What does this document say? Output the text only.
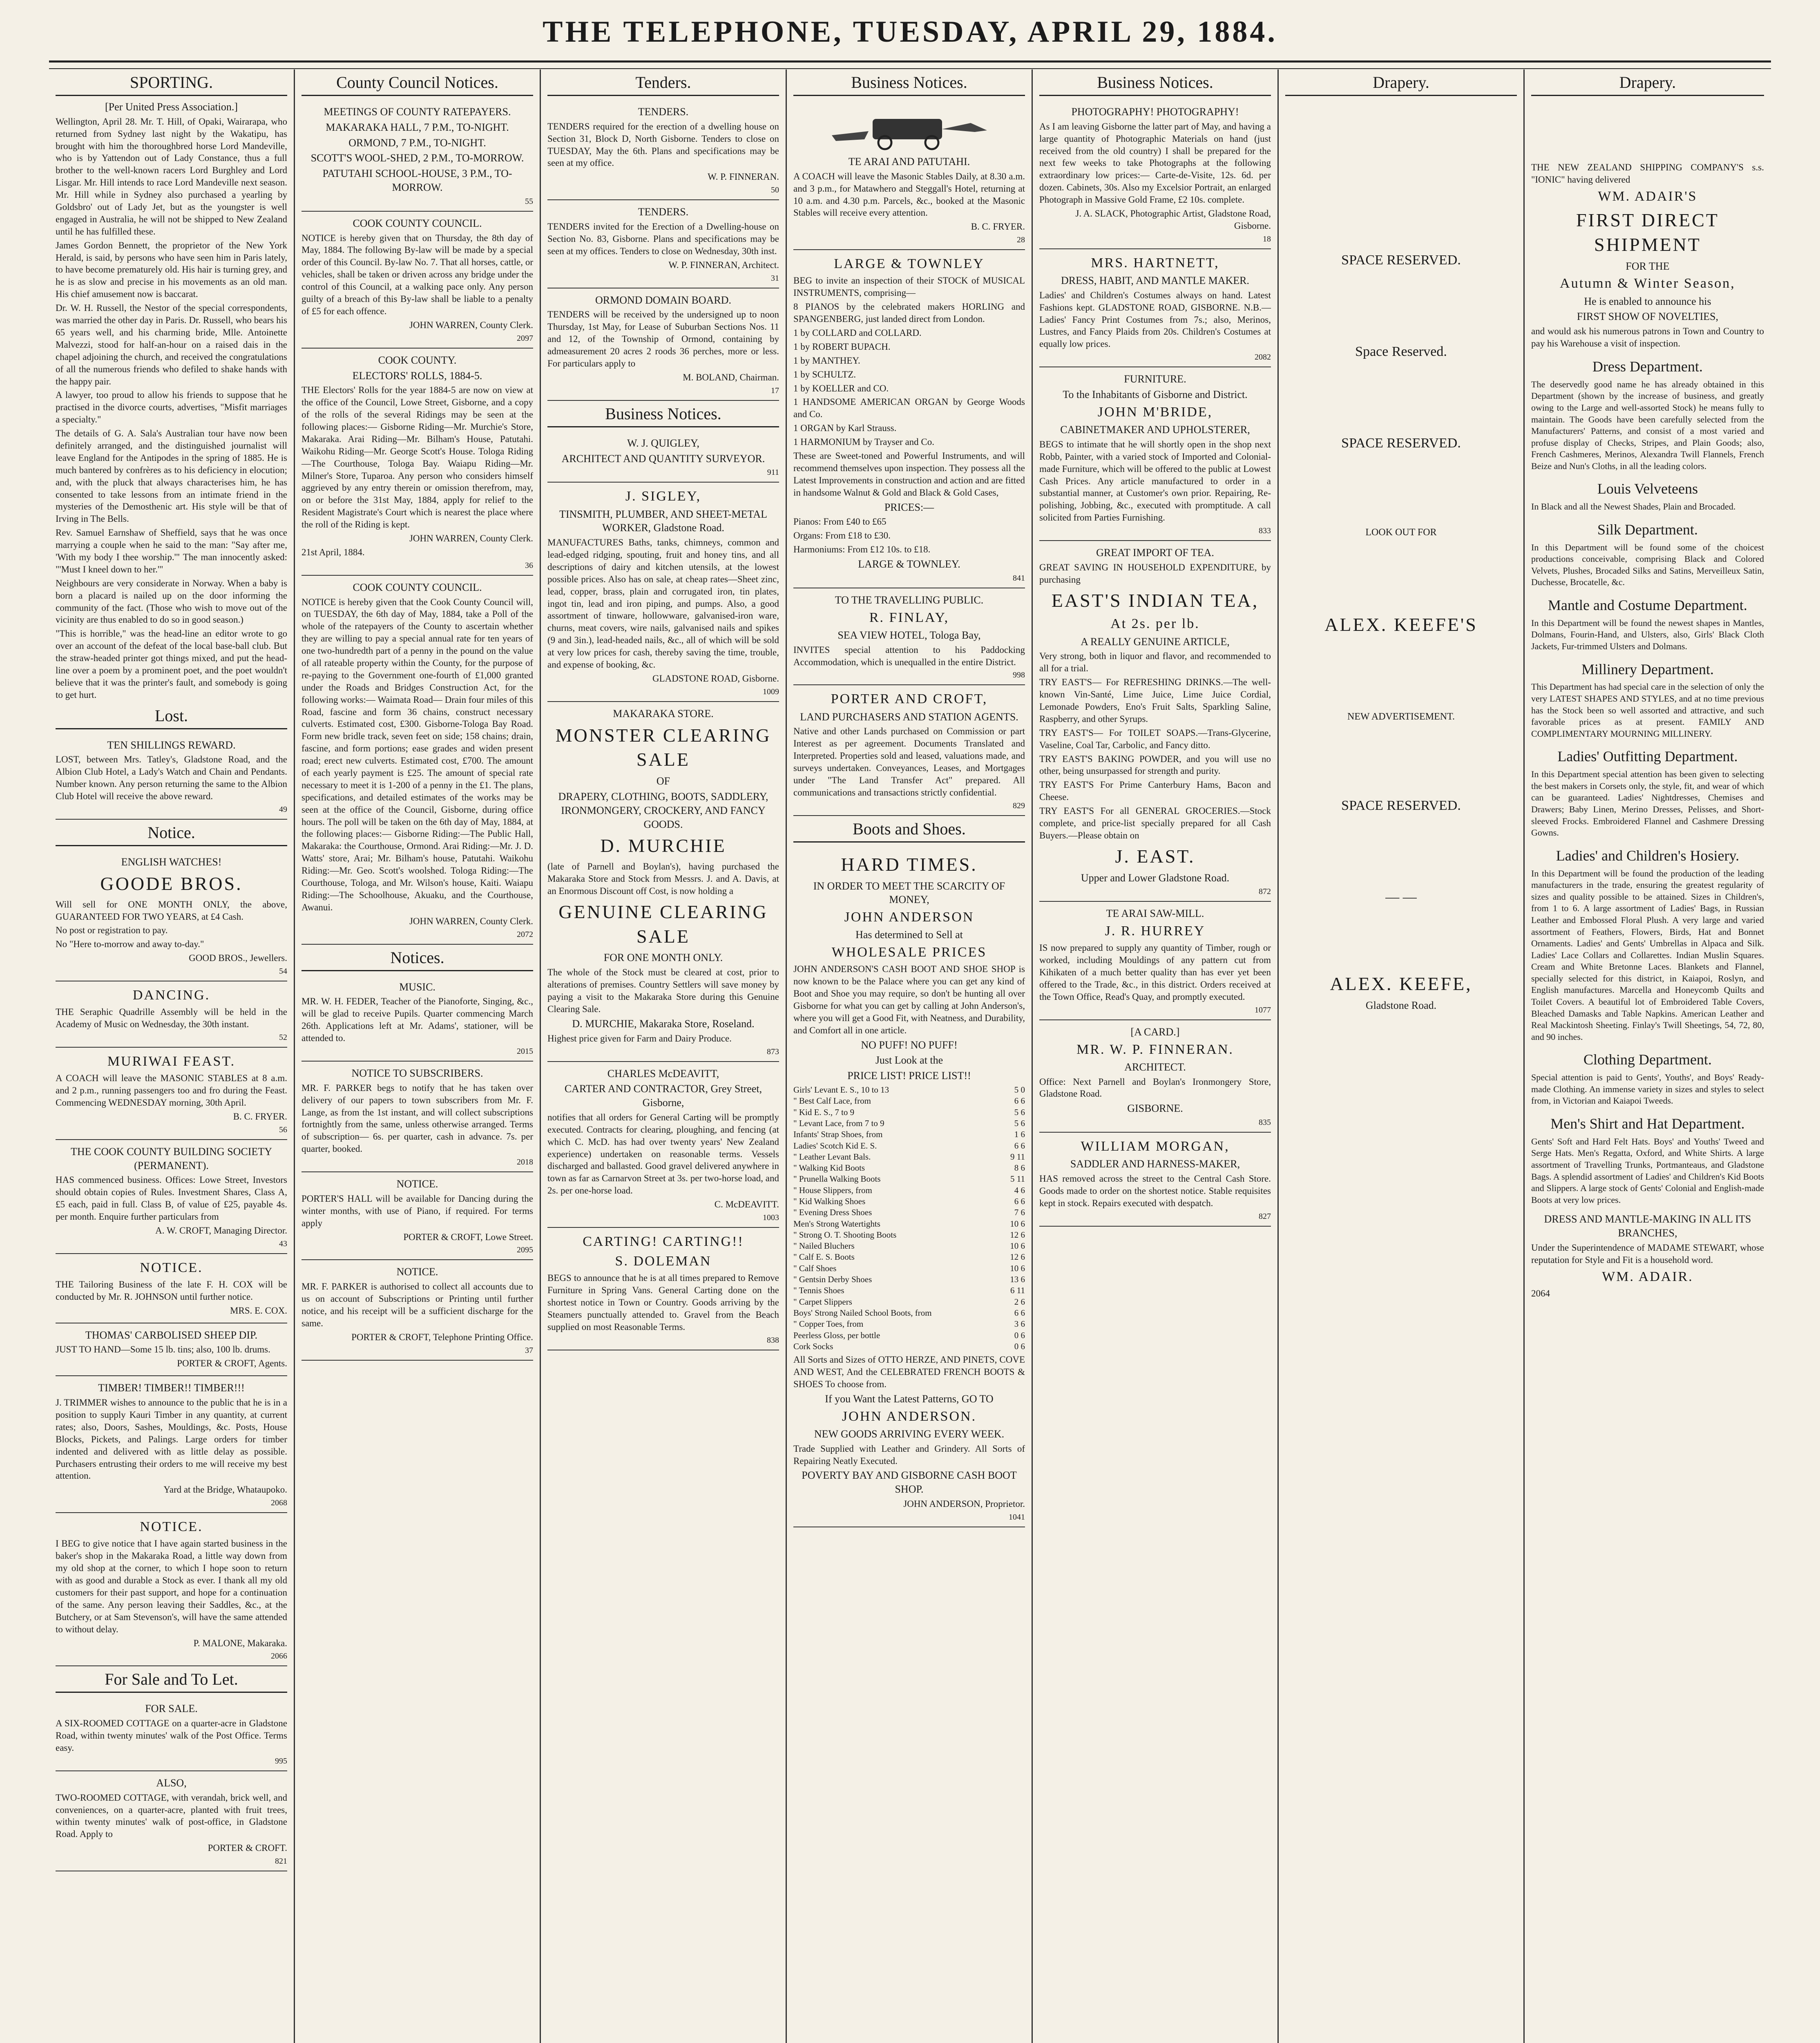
THE TELEPHONE, TUESDAY, APRIL 29, 1884.
SPORTING.
[Per United Press Association.]

Wellington, April 28. Mr. T. Hill, of Opaki, Wairarapa, who returned from Sydney last night by the Wakatipu, has brought with him the thoroughbred horse Lord Mandeville, who is by Yattendon out of Lady Constance, thus a full brother to the well-known racers Lord Burghley and Lord Lisgar. Mr. Hill intends to race Lord Mandeville next season. Mr. Hill while in Sydney also purchased a yearling by Goldsbro' out of Lady Jet, but as the youngster is well engaged in Australia, he will not be shipped to New Zealand until he has fulfilled these.

James Gordon Bennett, the proprietor of the New York Herald, is said, by persons who have seen him in Paris lately, to have become prematurely old. His hair is turning grey, and he is as slow and precise in his movements as an old man. His chief amusement now is baccarat.

Dr. W. H. Russell, the Nestor of the special correspondents, was married the other day in Paris. Dr. Russell, who bears his 65 years well, and his charming bride, Mlle. Antoinette Malvezzi, stood for half-an-hour on a raised dais in the chapel adjoining the church, and received the congratulations of all the numerous friends who defiled to shake hands with the happy pair.

A lawyer, too proud to allow his friends to suppose that he practised in the divorce courts, advertises, "Misfit marriages a specialty."

The details of G. A. Sala's Australian tour have now been definitely arranged, and the distinguished journalist will leave England for the Antipodes in the spring of 1885. He is much bantered by confrères as to his deficiency in elocution; and, with the pluck that always characterises him, he has consented to take lessons from an intimate friend in the mysteries of the Demosthenic art. His style will be that of Irving in The Bells.

Rev. Samuel Earnshaw of Sheffield, says that he was once marrying a couple when he said to the man: "Say after me, 'With my body I thee worship.'" The man innocently asked: "'Must I kneel down to her.'"

Neighbours are very considerate in Norway. When a baby is born a placard is nailed up on the door informing the community of the fact. (Those who wish to move out of the vicinity are thus enabled to do so in good season.)

"This is horrible," was the head-line an editor wrote to go over an account of the defeat of the local base-ball club. But the straw-headed printer got things mixed, and put the head-line over a poem by a prominent poet, and the poet wouldn't believe that it was the printer's fault, and somebody is going to get hurt.

Lost.
TEN SHILLINGS REWARD.
LOST, between Mrs. Tatley's, Gladstone Road, and the Albion Club Hotel, a Lady's Watch and Chain and Pendants. Number known. Any person returning the same to the Albion Club Hotel will receive the above reward.
49
Notice.
ENGLISH WATCHES!
GOODE BROS.
Will sell for ONE MONTH ONLY, the above, GUARANTEED FOR TWO YEARS, at £4 Cash.
No post or registration to pay.
No "Here to-morrow and away to-day."
GOOD BROS., Jewellers.
54
DANCING.
THE Seraphic Quadrille Assembly will be held in the Academy of Music on Wednesday, the 30th instant.
52
MURIWAI FEAST.
A COACH will leave the MASONIC STABLES at 8 a.m. and 2 p.m., running passengers too and fro during the Feast. Commencing WEDNESDAY morning, 30th April.
B. C. FRYER.
56
THE COOK COUNTY BUILDING SOCIETY (PERMANENT).
HAS commenced business. Offices: Lowe Street, Investors should obtain copies of Rules. Investment Shares, Class A, £5 each, paid in full. Class B, of value of £25, payable 4s. per month. Enquire further particulars from
A. W. CROFT, Managing Director.
43
NOTICE.
THE Tailoring Business of the late F. H. COX will be conducted by Mr. R. JOHNSON until further notice.
MRS. E. COX.
THOMAS' CARBOLISED SHEEP DIP.
JUST TO HAND—Some 15 lb. tins; also, 100 lb. drums.
PORTER & CROFT, Agents.
TIMBER! TIMBER!! TIMBER!!!
J. TRIMMER wishes to announce to the public that he is in a position to supply Kauri Timber in any quantity, at current rates; also, Doors, Sashes, Mouldings, &c. Posts, House Blocks, Pickets, and Palings. Large orders for timber indented and delivered with as little delay as possible. Purchasers entrusting their orders to me will receive my best attention.
Yard at the Bridge, Whataupoko.
2068
NOTICE.
I BEG to give notice that I have again started business in the baker's shop in the Makaraka Road, a little way down from my old shop at the corner, to which I hope soon to return with as good and durable a Stock as ever. I thank all my old customers for their past support, and hope for a continuation of the same. Any person leaving their Saddles, &c., at the Butchery, or at Sam Stevenson's, will have the same attended to without delay.
P. MALONE, Makaraka.
2066
For Sale and To Let.
FOR SALE.
A SIX-ROOMED COTTAGE on a quarter-acre in Gladstone Road, within twenty minutes' walk of the Post Office. Terms easy.
995
ALSO,
TWO-ROOMED COTTAGE, with verandah, brick well, and conveniences, on a quarter-acre, planted with fruit trees, within twenty minutes' walk of post-office, in Gladstone Road. Apply to
PORTER & CROFT.
821
County Council Notices.
MEETINGS OF COUNTY RATEPAYERS.

MAKARAKA HALL, 7 P.M., TO-NIGHT.

ORMOND, 7 P.M., TO-NIGHT.

SCOTT'S WOOL-SHED, 2 P.M., TO-MORROW.

PATUTAHI SCHOOL-HOUSE, 3 P.M., TO-MORROW.

55
COOK COUNTY COUNCIL.
NOTICE is hereby given that on Thursday, the 8th day of May, 1884. The following By-law will be made by a special order of this Council. By-law No. 7. That all horses, cattle, or vehicles, shall be taken or driven across any bridge under the control of this Council, at a walking pace only. Any person guilty of a breach of this By-law shall be liable to a penalty of £5 for each offence.
JOHN WARREN, County Clerk.
2097
COOK COUNTY.
ELECTORS' ROLLS, 1884-5.
THE Electors' Rolls for the year 1884-5 are now on view at the office of the Council, Lowe Street, Gisborne, and a copy of the rolls of the several Ridings may be seen at the following places:— Gisborne Riding—Mr. Murchie's Store, Makaraka. Arai Riding—Mr. Bilham's House, Patutahi. Waikohu Riding—Mr. George Scott's House. Tologa Riding—The Courthouse, Tologa Bay. Waiapu Riding—Mr. Milner's Store, Tuparoa. Any person who considers himself aggrieved by any entry therein or omission therefrom, may, on or before the 31st May, 1884, apply for relief to the Resident Magistrate's Court which is nearest the place where the roll of the Riding is kept.
JOHN WARREN, County Clerk.
21st April, 1884.
36
COOK COUNTY COUNCIL.
NOTICE is hereby given that the Cook County Council will, on TUESDAY, the 6th day of May, 1884, take a Poll of the whole of the ratepayers of the County to ascertain whether they are willing to pay a special annual rate for ten years of one two-hundredth part of a penny in the pound on the value of all rateable property within the County, for the purpose of re-paying to the Government one-fourth of £1,000 granted under the Roads and Bridges Construction Act, for the following works:— Waimata Road— Drain four miles of this Road, fascine and form 36 chains, construct necessary culverts. Estimated cost, £300. Gisborne-Tologa Bay Road. Form new bridle track, seven feet on side; 158 chains; drain, fascine, and form portions; ease grades and widen present road; erect new culverts. Estimated cost, £700. The amount of each yearly payment is £25. The amount of special rate necessary to meet it is 1-200 of a penny in the £1. The plans, specifications, and detailed estimates of the works may be seen at the office of the Council, Gisborne, during office hours. The poll will be taken on the 6th day of May, 1884, at the following places:— Gisborne Riding:—The Public Hall, Makaraka: the Courthouse, Ormond. Arai Riding:—Mr. J. D. Watts' store, Arai; Mr. Bilham's house, Patutahi. Waikohu Riding:—Mr. Geo. Scott's woolshed. Tologa Riding:—The Courthouse, Tologa, and Mr. Wilson's house, Kaiti. Waiapu Riding:—The Schoolhouse, Akuaku, and the Courthouse, Awanui.
JOHN WARREN, County Clerk.
2072
Notices.
MUSIC.
MR. W. H. FEDER, Teacher of the Pianoforte, Singing, &c., will be glad to receive Pupils. Quarter commencing March 26th. Applications left at Mr. Adams', stationer, will be attended to.
2015
NOTICE TO SUBSCRIBERS.
MR. F. PARKER begs to notify that he has taken over delivery of our papers to town subscribers from Mr. F. Lange, as from the 1st instant, and will collect subscriptions fortnightly from the same, unless otherwise arranged. Terms of subscription— 6s. per quarter, cash in advance. 7s. per quarter, booked.
2018
NOTICE.
PORTER'S HALL will be available for Dancing during the winter months, with use of Piano, if required. For terms apply
PORTER & CROFT, Lowe Street.
2095
NOTICE.
MR. F. PARKER is authorised to collect all accounts due to us on account of Subscriptions or Printing until further notice, and his receipt will be a sufficient discharge for the same.
PORTER & CROFT, Telephone Printing Office.
37
Tenders.
TENDERS.
TENDERS required for the erection of a dwelling house on Section 31, Block D, North Gisborne. Tenders to close on TUESDAY, May the 6th. Plans and specifications may be seen at my office.
W. P. FINNERAN.
50
TENDERS.
TENDERS invited for the Erection of a Dwelling-house on Section No. 83, Gisborne. Plans and specifications may be seen at my offices. Tenders to close on Wednesday, 30th inst.
W. P. FINNERAN, Architect.
31
ORMOND DOMAIN BOARD.
TENDERS will be received by the undersigned up to noon Thursday, 1st May, for Lease of Suburban Sections Nos. 11 and 12, of the Township of Ormond, containing by admeasurement 20 acres 2 roods 36 perches, more or less. For particulars apply to
M. BOLAND, Chairman.
17
Business Notices.
W. J. QUIGLEY,
ARCHITECT AND QUANTITY SURVEYOR.
911
J. SIGLEY,
TINSMITH, PLUMBER, AND SHEET-METAL WORKER, Gladstone Road.
MANUFACTURES Baths, tanks, chimneys, common and lead-edged ridging, spouting, fruit and honey tins, and all descriptions of dairy and kitchen utensils, at the lowest possible prices. Also has on sale, at cheap rates—Sheet zinc, lead, copper, brass, plain and corrugated iron, tin plates, ingot tin, lead and iron piping, and pumps. Also, a good assortment of tinware, hollowware, galvanised-iron ware, churns, meat covers, wire nails, galvanised nails and spikes (9 and 3in.), lead-headed nails, &c., all of which will be sold at very low prices for cash, thereby saving the time, trouble, and expense of booking, &c.
GLADSTONE ROAD, Gisborne.
1009
MAKARAKA STORE.
MONSTER CLEARING SALE
OF
DRAPERY, CLOTHING, BOOTS, SADDLERY, IRONMONGERY, CROCKERY, AND FANCY GOODS.
D. MURCHIE
(late of Parnell and Boylan's), having purchased the Makaraka Store and Stock from Messrs. J. and A. Davis, at an Enormous Discount off Cost, is now holding a
GENUINE CLEARING SALE
FOR ONE MONTH ONLY.
The whole of the Stock must be cleared at cost, prior to alterations of premises. Country Settlers will save money by paying a visit to the Makaraka Store during this Genuine Clearing Sale.
D. MURCHIE, Makaraka Store, Roseland.
Highest price given for Farm and Dairy Produce.
873
CHARLES McDEAVITT,
CARTER AND CONTRACTOR, Grey Street, Gisborne,
notifies that all orders for General Carting will be promptly executed. Contracts for clearing, ploughing, and fencing (at which C. McD. has had over twenty years' New Zealand experience) undertaken on reasonable terms. Vessels discharged and ballasted. Good gravel delivered anywhere in town as far as Carnarvon Street at 3s. per two-horse load, and 2s. per one-horse load.
C. McDEAVITT.
1003
CARTING! CARTING!!
S. DOLEMAN
BEGS to announce that he is at all times prepared to Remove Furniture in Spring Vans. General Carting done on the shortest notice in Town or Country. Goods arriving by the Steamers punctually attended to. Gravel from the Beach supplied on most Reasonable Terms.
838
Business Notices.
TE ARAI AND PATUTAHI.
A COACH will leave the Masonic Stables Daily, at 8.30 a.m. and 3 p.m., for Matawhero and Steggall's Hotel, returning at 10 a.m. and 4.30 p.m. Parcels, &c., booked at the Masonic Stables will receive every attention.
B. C. FRYER.
28
LARGE & TOWNLEY
BEG to invite an inspection of their STOCK of MUSICAL INSTRUMENTS, comprising—

8 PIANOS by the celebrated makers HORLING and SPANGENBERG, just landed direct from London.

1 by COLLARD and COLLARD.

1 by ROBERT BUPACH.

1 by MANTHEY.

1 by SCHULTZ.

1 by KOELLER and CO.

1 HANDSOME AMERICAN ORGAN by George Woods and Co.

1 ORGAN by Karl Strauss.

1 HARMONIUM by Trayser and Co.

These are Sweet-toned and Powerful Instruments, and will recommend themselves upon inspection. They possess all the Latest Improvements in construction and action and are fitted in handsome Walnut & Gold and Black & Gold Cases,
PRICES:—

Pianos: From £40 to £65

Organs: From £18 to £30.

Harmoniums: From £12 10s. to £18.

LARGE & TOWNLEY.
841
TO THE TRAVELLING PUBLIC.
R. FINLAY,
SEA VIEW HOTEL, Tologa Bay,
INVITES special attention to his Paddocking Accommodation, which is unequalled in the entire District.
998
PORTER AND CROFT,
LAND PURCHASERS AND STATION AGENTS.
Native and other Lands purchased on Commission or part Interest as per agreement. Documents Translated and Interpreted. Properties sold and leased, valuations made, and surveys undertaken. Conveyances, Leases, and Mortgages under "The Land Transfer Act" prepared. All communications and transactions strictly confidential.
829
Boots and Shoes.
HARD TIMES.
IN ORDER TO MEET THE SCARCITY OF MONEY,
JOHN ANDERSON
Has determined to Sell at
WHOLESALE PRICES
JOHN ANDERSON'S CASH BOOT AND SHOE SHOP is now known to be the Palace where you can get any kind of Boot and Shoe you may require, so don't be hunting all over Gisborne for what you can get by calling at John Anderson's, where you will get a Good Fit, with Neatness, and Durability, and Comfort all in one article.
NO PUFF! NO PUFF!
Just Look at the
PRICE LIST! PRICE LIST!!
Girls' Levant E. S., 10 to 13	5 0
" Best Calf Lace, from	6 6
" Kid E. S., 7 to 9	5 6
" Levant Lace, from 7 to 9	5 6
Infants' Strap Shoes, from	1 6
Ladies' Scotch Kid E. S.	6 6
" Leather Levant Bals.	9 11
" Walking Kid Boots	8 6
" Prunella Walking Boots	5 11
" House Slippers, from	4 6
" Kid Walking Shoes	6 6
" Evening Dress Shoes	7 6
Men's Strong Watertights	10 6
" Strong O. T. Shooting Boots	12 6
" Nailed Bluchers	10 6
" Calf E. S. Boots	12 6
" Calf Shoes	10 6
" Gentsin Derby Shoes	13 6
" Tennis Shoes	6 11
" Carpet Slippers	2 6
Boys' Strong Nailed School Boots, from	6 6
" Copper Toes, from	3 6
Peerless Gloss, per bottle	0 6
Cork Socks	0 6
All Sorts and Sizes of OTTO HERZE, AND PINETS, COVE AND WEST, And the CELEBRATED FRENCH BOOTS & SHOES To choose from.
If you Want the Latest Patterns, GO TO
JOHN ANDERSON.
NEW GOODS ARRIVING EVERY WEEK.
Trade Supplied with Leather and Grindery. All Sorts of Repairing Neatly Executed.
POVERTY BAY AND GISBORNE CASH BOOT SHOP.
JOHN ANDERSON, Proprietor.
1041
Business Notices.
PHOTOGRAPHY! PHOTOGRAPHY!
As I am leaving Gisborne the latter part of May, and having a large quantity of Photographic Materials on hand (just received from the old country) I shall be prepared for the next few weeks to take Photographs at the following extraordinary low prices:— Carte-de-Visite, 12s. 6d. per dozen. Cabinets, 30s. Also my Excelsior Portrait, an enlarged Photograph in Massive Gold Frame, £2 10s. complete.
J. A. SLACK, Photographic Artist, Gladstone Road, Gisborne.
18
MRS. HARTNETT,
DRESS, HABIT, AND MANTLE MAKER.
Ladies' and Children's Costumes always on hand. Latest Fashions kept. GLADSTONE ROAD, GISBORNE. N.B.—Ladies' Fancy Print Costumes from 7s.; also, Merinos, Lustres, and Fancy Plaids from 20s. Children's Costumes at equally low prices.
2082
FURNITURE.
To the Inhabitants of Gisborne and District.
JOHN M'BRIDE,
CABINETMAKER AND UPHOLSTERER,
BEGS to intimate that he will shortly open in the shop next Robb, Painter, with a varied stock of Imported and Colonial-made Furniture, which will be offered to the public at Lowest Cash Prices. Any article manufactured to order in a substantial manner, at Customer's own prior. Repairing, Re-polishing, Jobbing, &c., executed with promptitude. A call solicited from Parties Furnishing.
833
GREAT IMPORT OF TEA.
GREAT SAVING IN HOUSEHOLD EXPENDITURE, by purchasing
EAST'S INDIAN TEA,
At 2s. per lb.
A REALLY GENUINE ARTICLE,
Very strong, both in liquor and flavor, and recommended to all for a trial.

TRY EAST'S— For REFRESHING DRINKS.—The well-known Vin-Santé, Lime Juice, Lime Juice Cordial, Lemonade Powders, Eno's Fruit Salts, Sparkling Saline, Raspberry, and other Syrups.

TRY EAST'S— For TOILET SOAPS.—Trans-Glycerine, Vaseline, Coal Tar, Carbolic, and Fancy ditto.

TRY EAST'S BAKING POWDER, and you will use no other, being unsurpassed for strength and purity.

TRY EAST'S For Prime Canterbury Hams, Bacon and Cheese.

TRY EAST'S For all GENERAL GROCERIES.—Stock complete, and price-list specially prepared for all Cash Buyers.—Please obtain on

J. EAST.
Upper and Lower Gladstone Road.
872
TE ARAI SAW-MILL.
J. R. HURREY
IS now prepared to supply any quantity of Timber, rough or worked, including Mouldings of any pattern cut from Kihikaten of a much better quality than has ever yet been offered to the Trade, &c., in this district. Orders received at the Town Office, Read's Quay, and promptly executed.
1077
[A CARD.]
MR. W. P. FINNERAN.
ARCHITECT.
Office: Next Parnell and Boylan's Ironmongery Store, Gladstone Road.
GISBORNE.
835
WILLIAM MORGAN,
SADDLER AND HARNESS-MAKER,
HAS removed across the street to the Central Cash Store. Goods made to order on the shortest notice. Stable requisites kept in stock. Repairs executed with despatch.
827
Drapery.
SPACE RESERVED.
Space Reserved.
SPACE RESERVED.
LOOK OUT FOR
ALEX. KEEFE'S
NEW ADVERTISEMENT.
SPACE RESERVED.
— —
ALEX. KEEFE,
Gladstone Road.
Drapery.
THE NEW ZEALAND SHIPPING COMPANY'S s.s. "IONIC" having delivered
WM. ADAIR'S
FIRST DIRECT SHIPMENT
FOR THE
Autumn & Winter Season,
He is enabled to announce his
FIRST SHOW OF NOVELTIES,
and would ask his numerous patrons in Town and Country to pay his Warehouse a visit of inspection.
Dress Department.
The deservedly good name he has already obtained in this Department (shown by the increase of business, and greatly owing to the Large and well-assorted Stock) he means fully to maintain. The Goods have been carefully selected from the Manufacturers' Patterns, and consist of a most varied and profuse display of Checks, Stripes, and Plain Goods; also, French Cashmeres, Merinos, Alexandra Twill Flannels, French Beize and Nun's Cloths, in all the leading colors.
Louis Velveteens
In Black and all the Newest Shades, Plain and Brocaded.
Silk Department.
In this Department will be found some of the choicest productions conceivable, comprising Black and Colored Velvets, Plushes, Brocaded Silks and Satins, Merveilleux Satin, Duchesse, Brocatelle, &c.
Mantle and Costume Department.
In this Department will be found the newest shapes in Mantles, Dolmans, Fourin-Hand, and Ulsters, also, Girls' Black Cloth Jackets, Fur-trimmed Ulsters and Dolmans.
Millinery Department.
This Department has had special care in the selection of only the very LATEST SHAPES AND STYLES, and at no time previous has the Stock been so well assorted and attractive, and such favorable prices as at present. FAMILY AND COMPLIMENTARY MOURNING MILLINERY.
Ladies' Outfitting Department.
In this Department special attention has been given to selecting the best makers in Corsets only, the style, fit, and wear of which can be guaranteed. Ladies' Nightdresses, Chemises and Drawers; Baby Linen, Merino Dresses, Pelisses, and Short-sleeved Frocks. Embroidered Flannel and Cashmere Dressing Gowns.
Ladies' and Children's Hosiery.
In this Department will be found the production of the leading manufacturers in the trade, ensuring the greatest regularity of sizes and quality possible to be attained. Sizes in Children's, from 1 to 6. A large assortment of Ladies' Bags, in Russian Leather and Embossed Floral Plush. A very large and varied assortment of Feathers, Flowers, Birds, Hat and Bonnet Ornaments. Ladies' and Gents' Umbrellas in Alpaca and Silk. Ladies' Lace Collars and Collarettes. Indian Muslin Squares. Cream and White Bretonne Laces. Blankets and Flannel, specially selected for this district, in Kaiapoi, Roslyn, and English manufactures. Marcella and Honeycomb Quilts and Toilet Covers. A beautiful lot of Embroidered Table Covers, Bleached Damasks and Table Napkins. American Leather and Real Mackintosh Sheeting. Finlay's Twill Sheetings, 54, 72, 80, and 90 inches.
Clothing Department.
Special attention is paid to Gents', Youths', and Boys' Ready-made Clothing. An immense variety in sizes and styles to select from, in Victorian and Kaiapoi Tweeds.
Men's Shirt and Hat Department.
Gents' Soft and Hard Felt Hats. Boys' and Youths' Tweed and Serge Hats. Men's Regatta, Oxford, and White Shirts. A large assortment of Travelling Trunks, Portmanteaus, and Gladstone Bags. A splendid assortment of Ladies' and Children's Kid Boots and Slippers. A large stock of Gents' Colonial and English-made Boots at very low prices.
DRESS AND MANTLE-MAKING IN ALL ITS BRANCHES,
Under the Superintendence of MADAME STEWART, whose reputation for Style and Fit is a household word.
WM. ADAIR.
2064
